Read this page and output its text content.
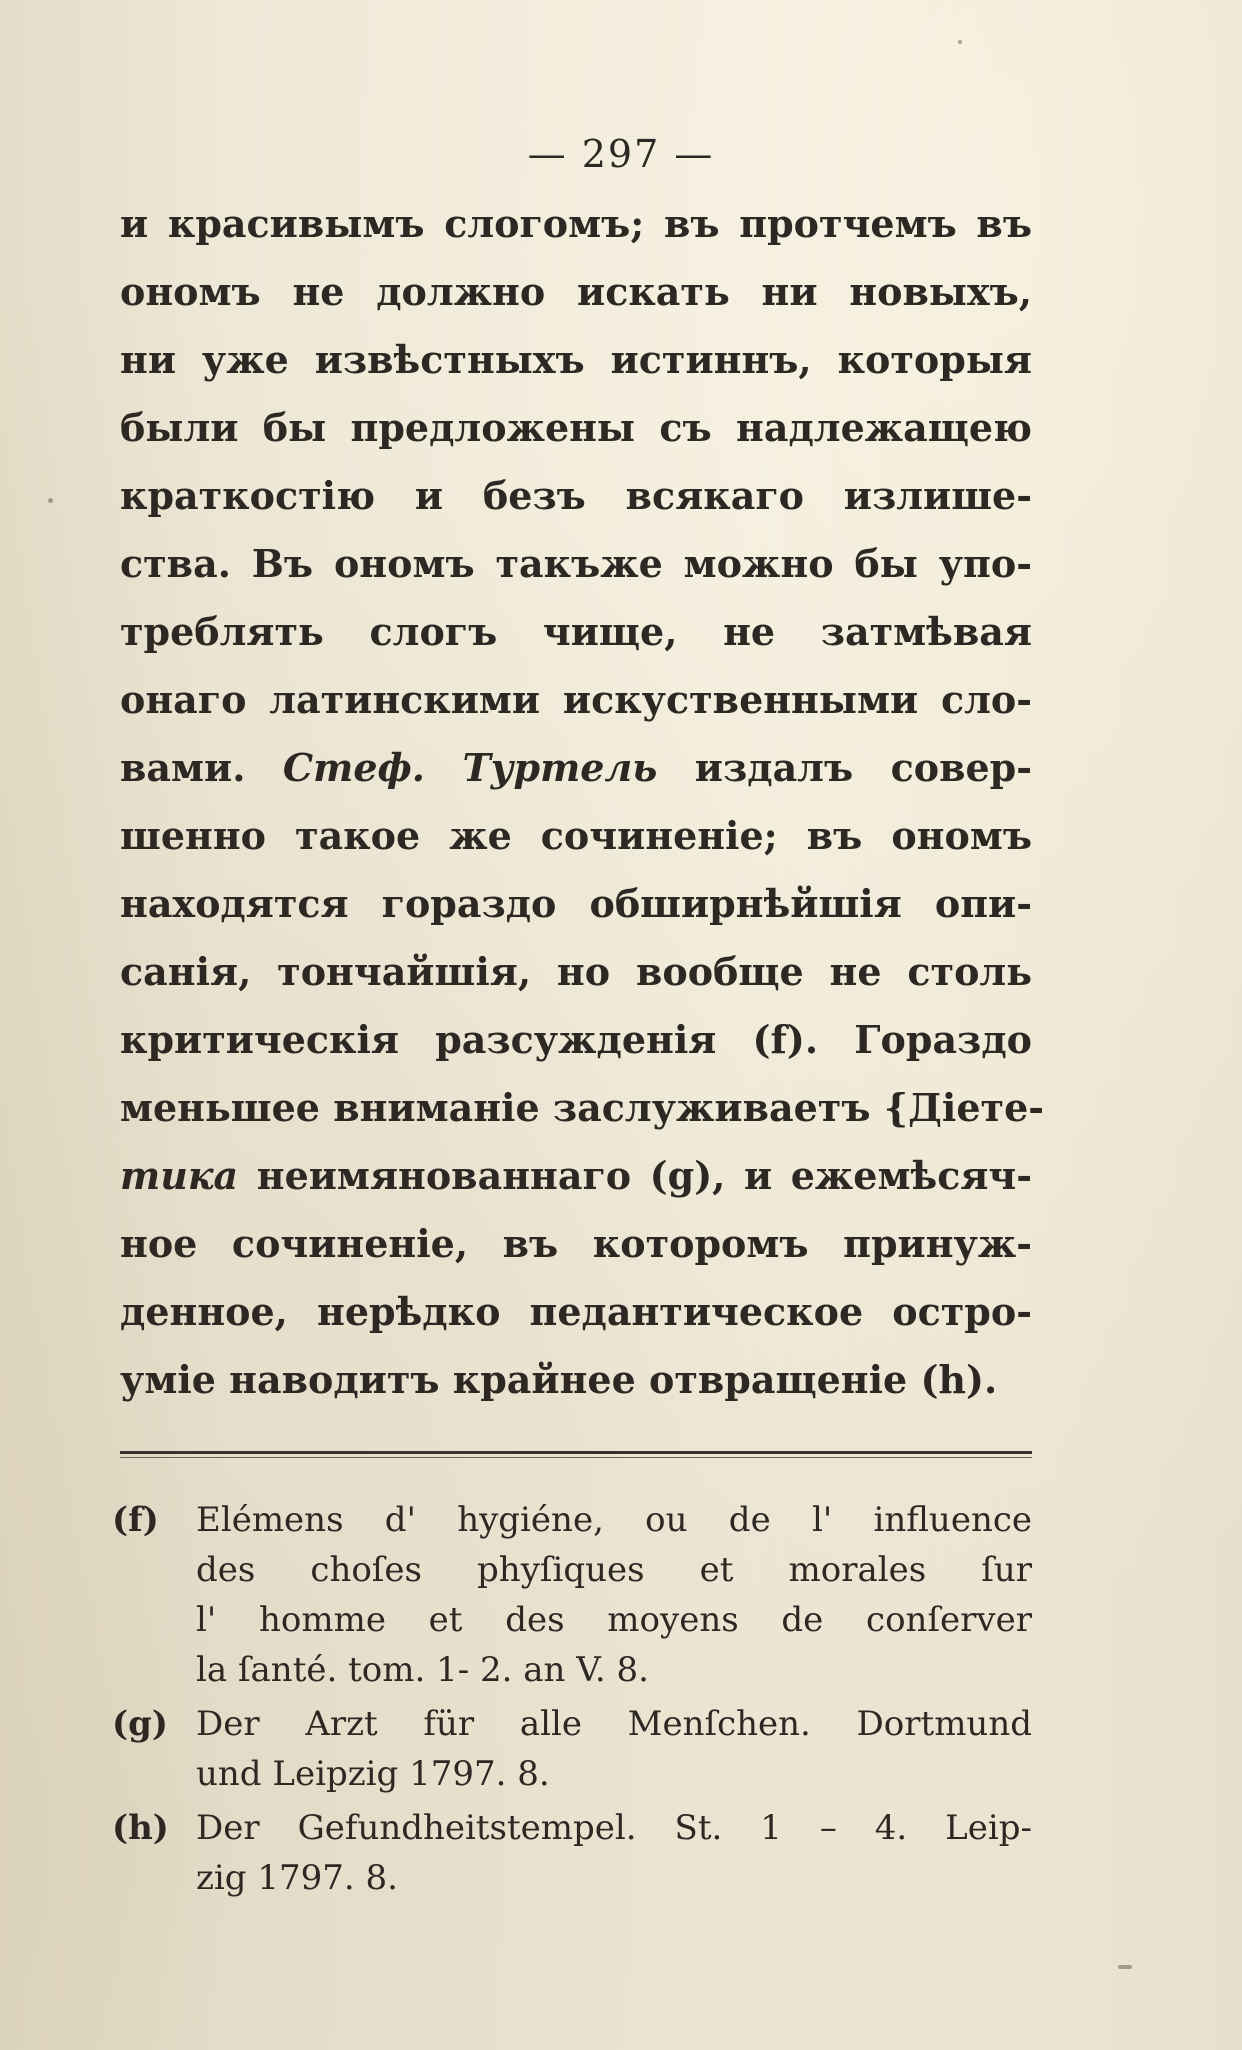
— 297 —
и красивымъ слогомъ; въ протчемъ въ
ономъ не должно искать ни новыхъ,
ни уже извѣстныхъ истиннъ, которыя
были бы предложены съ надлежащею
краткостію и безъ всякаго излише-
ства. Въ ономъ такъже можно бы упо-
треблять слогъ чище, не затмѣвая
онаго латинскими искуственными сло-
вами. Стеф. Туртель издалъ совер-
шенно такое же сочиненіе; въ ономъ
находятся гораздо обширнѣйшія опи-
санія, тончайшія, но вообще не столь
критическія разсужденія (f). Гораздо
меньшее вниманіе заслуживаетъ {Діете-
тика неимянованнаго (g), и ежемѣсяч-
ное сочиненіе, въ которомъ принуж-
денное, нерѣдко педантическое остро-
уміе наводитъ крайнее отвращеніе (h).
(f)	Elémens d' hygiéne, ou de l' influence
des choſes phyſiques et morales ſur
l' homme et des moyens de conſerver
la ſanté. tom. 1- 2. an V. 8.
(g) Der Arzt für alle Menſchen. Dortmund
und Leipzig 1797. 8.
(h) Der Gefundheitstempel. St. 1 – 4. Leip-
zig 1797. 8.
